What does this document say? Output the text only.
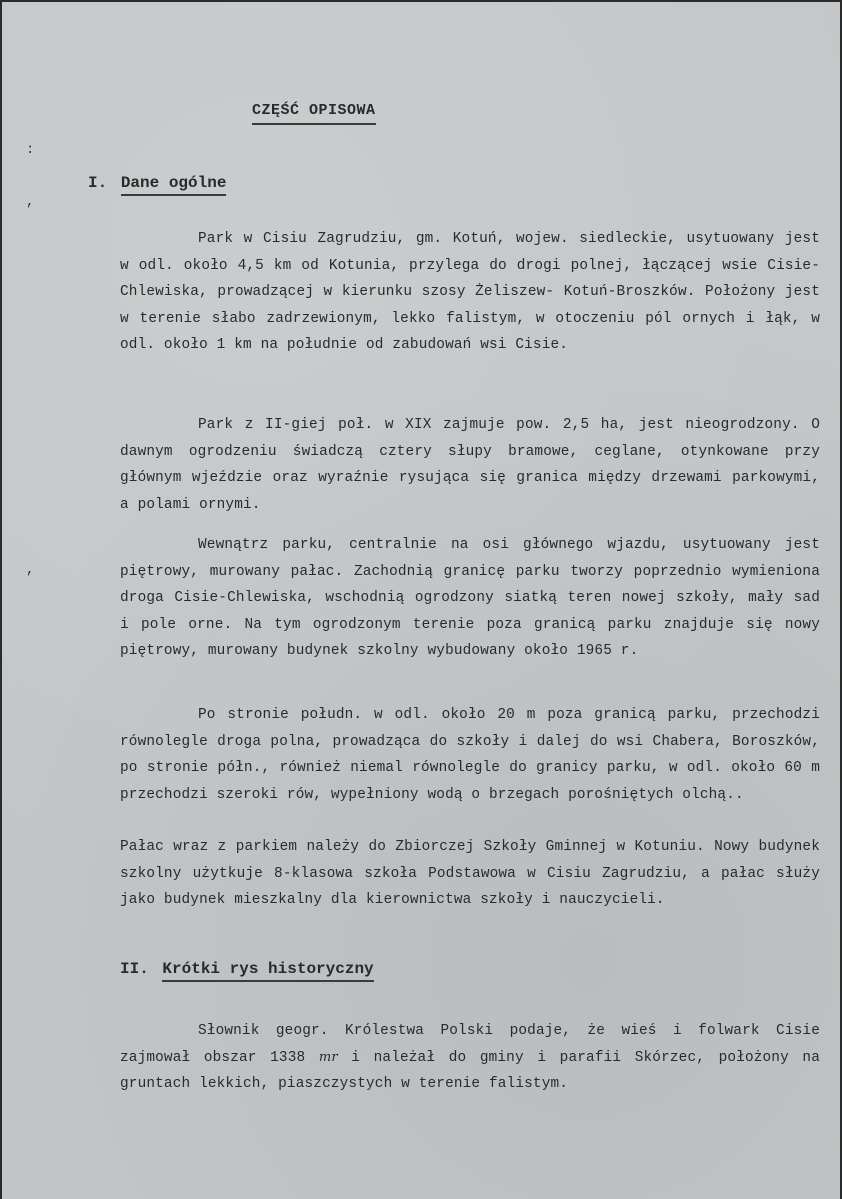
:

,

,

CZĘŚĆ OPISOWA
I. Dane ogólne

Park w Cisiu Zagrudziu, gm. Kotuń, wojew. siedleckie, usytuowany jest w odl. około 4,5 km od Kotunia, przylega do drogi polnej, łączącej wsie Cisie-Chlewiska, prowadzącej w kierunku szosy Żeliszew- Kotuń-Broszków. Położony jest w terenie słabo zadrzewionym, lekko falistym, w otoczeniu pól ornych i łąk, w odl. około 1 km na południe od zabudowań wsi Cisie.

Park z II-giej poł. w XIX zajmuje pow. 2,5 ha, jest nieogrodzony. O dawnym ogrodzeniu świadczą cztery słupy bramowe, ceglane, otynkowane przy głównym wjeździe oraz wyraźnie rysująca się granica między drzewami parkowymi, a polami ornymi.

Wewnątrz parku, centralnie na osi głównego wjazdu, usytuowany jest piętrowy, murowany pałac. Zachodnią granicę parku tworzy poprzednio wymieniona droga Cisie-Chlewiska, wschodnią ogrodzony siatką teren nowej szkoły, mały sad i pole orne. Na tym ogrodzonym terenie poza granicą parku znajduje się nowy piętrowy, murowany budynek szkolny wybudowany około 1965 r.

Po stronie połudn. w odl. około 20 m poza granicą parku, przechodzi równolegle droga polna, prowadząca do szkoły i dalej do wsi Chabera, Boroszków, po stronie półn., również niemal równolegle do granicy parku, w odl. około 60 m przechodzi szeroki rów, wypełniony wodą o brzegach porośniętych olchą..

Pałac wraz z parkiem należy do Zbiorczej Szkoły Gminnej w Kotuniu. Nowy budynek szkolny użytkuje 8-klasowa szkoła Podstawowa w Cisiu Zagrudziu, a pałac służy jako budynek mieszkalny dla kierownictwa szkoły i nauczycieli.

II. Krótki rys historyczny

Słownik geogr. Królestwa Polski podaje, że wieś i folwark Cisie zajmował obszar 1338 mr i należał do gminy i parafii Skórzec, położony na gruntach lekkich, piaszczystych w terenie falistym.
